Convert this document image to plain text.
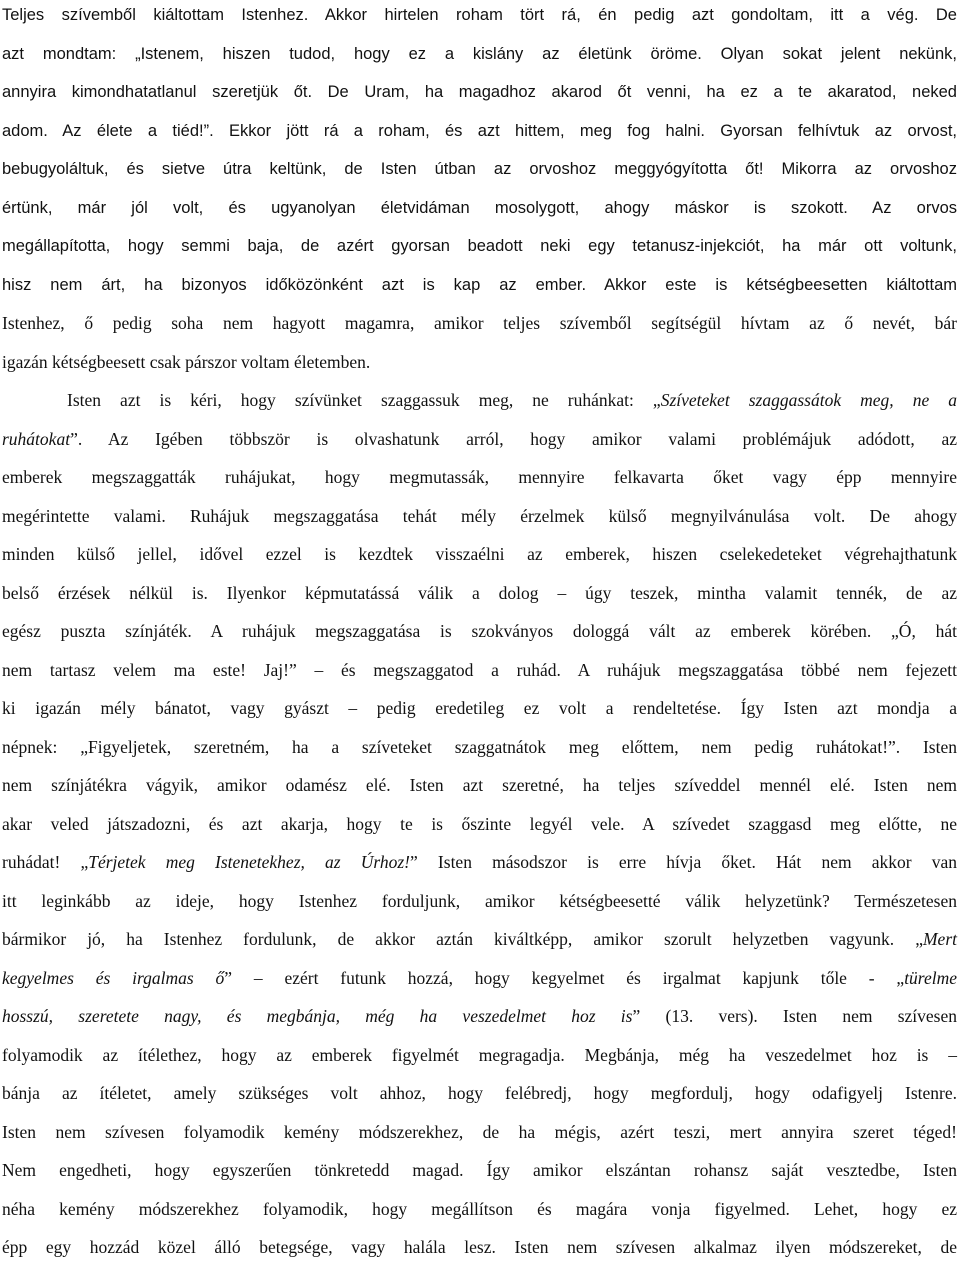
Teljes szívemből kiáltottam Istenhez. Akkor hirtelen roham tört rá, én pedig azt gondoltam, itt a vég. De
azt mondtam: „Istenem, hiszen tudod, hogy ez a kislány az életünk öröme. Olyan sokat jelent nekünk,
annyira kimondhatatlanul szeretjük őt. De Uram, ha magadhoz akarod őt venni, ha ez a te akaratod, neked
adom. Az élete a tiéd!”. Ekkor jött rá a roham, és azt hittem, meg fog halni. Gyorsan felhívtuk az orvost,
bebugyoláltuk, és sietve útra keltünk, de Isten útban az orvoshoz meggyógyította őt! Mikorra az orvoshoz
értünk, már jól volt, és ugyanolyan életvidáman mosolygott, ahogy máskor is szokott. Az orvos
megállapította, hogy semmi baja, de azért gyorsan beadott neki egy tetanusz-injekciót, ha már ott voltunk,
hisz nem árt, ha bizonyos időközönként azt is kap az ember. Akkor este is kétségbeesetten kiáltottam
Istenhez, ő pedig soha nem hagyott magamra, amikor teljes szívemből segítségül hívtam az ő nevét, bár
igazán kétségbeesett csak párszor voltam életemben.
Isten azt is kéri, hogy szívünket szaggassuk meg, ne ruhánkat: „Szíveteket szaggassátok meg, ne a
ruhátokat”. Az Igében többször is olvashatunk arról, hogy amikor valami problémájuk adódott, az
emberek megszaggatták ruhájukat, hogy megmutassák, mennyire felkavarta őket vagy épp mennyire
megérintette valami. Ruhájuk megszaggatása tehát mély érzelmek külső megnyilvánulása volt. De ahogy
minden külső jellel, idővel ezzel is kezdtek visszaélni az emberek, hiszen cselekedeteket végrehajthatunk
belső érzések nélkül is. Ilyenkor képmutatássá válik a dolog – úgy teszek, mintha valamit tennék, de az
egész puszta színjáték. A ruhájuk megszaggatása is szokványos dologgá vált az emberek körében. „Ó, hát
nem tartasz velem ma este! Jaj!” – és megszaggatod a ruhád. A ruhájuk megszaggatása többé nem fejezett
ki igazán mély bánatot, vagy gyászt – pedig eredetileg ez volt a rendeltetése. Így Isten azt mondja a
népnek: „Figyeljetek, szeretném, ha a szíveteket szaggatnátok meg előttem, nem pedig ruhátokat!”. Isten
nem színjátékra vágyik, amikor odamész elé. Isten azt szeretné, ha teljes szíveddel mennél elé. Isten nem
akar veled játszadozni, és azt akarja, hogy te is őszinte legyél vele. A szívedet szaggasd meg előtte, ne
ruhádat! „Térjetek meg Istenetekhez, az Úrhoz!” Isten másodszor is erre hívja őket. Hát nem akkor van
itt leginkább az ideje, hogy Istenhez forduljunk, amikor kétségbeesetté válik helyzetünk? Természetesen
bármikor jó, ha Istenhez fordulunk, de akkor aztán kiváltképp, amikor szorult helyzetben vagyunk. „Mert
kegyelmes és irgalmas ő” – ezért futunk hozzá, hogy kegyelmet és irgalmat kapjunk tőle - „türelme
hosszú, szeretete nagy, és megbánja, még ha veszedelmet hoz is” (13. vers). Isten nem szívesen
folyamodik az ítélethez, hogy az emberek figyelmét megragadja. Megbánja, még ha veszedelmet hoz is –
bánja az ítéletet, amely szükséges volt ahhoz, hogy felébredj, hogy megfordulj, hogy odafigyelj Istenre.
Isten nem szívesen folyamodik kemény módszerekhez, de ha mégis, azért teszi, mert annyira szeret téged!
Nem engedheti, hogy egyszerűen tönkretedd magad. Így amikor elszántan rohansz saját vesztedbe, Isten
néha kemény módszerekhez folyamodik, hogy megállítson és magára vonja figyelmed. Lehet, hogy ez
épp egy hozzád közel álló betegsége, vagy halála lesz. Isten nem szívesen alkalmaz ilyen módszereket, de
